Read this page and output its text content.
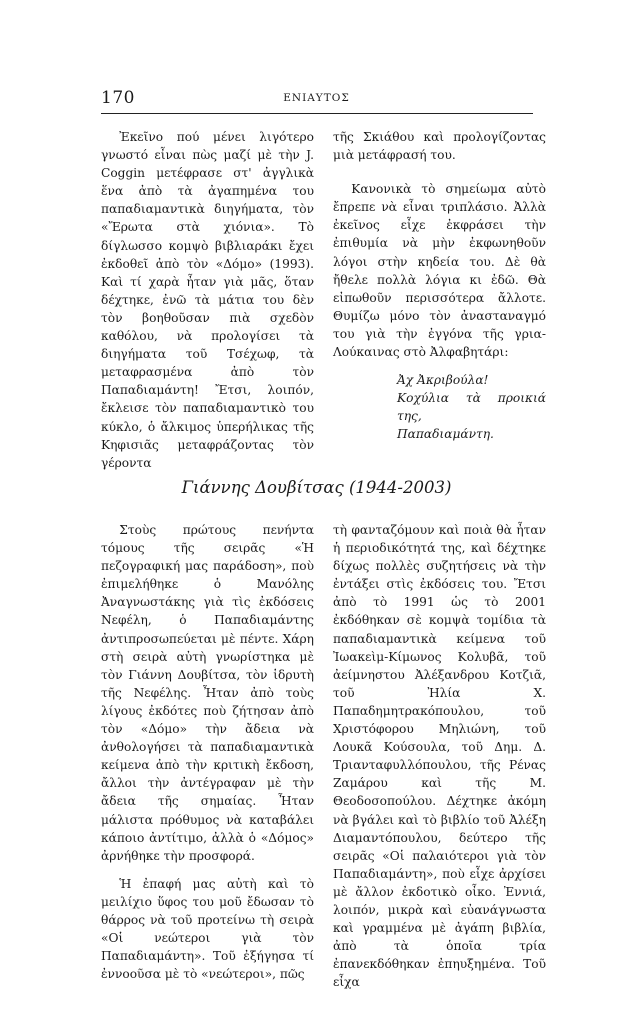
170	ΕΝΙΑΥΤΟΣ

Ἐκεῖνο πού μένει λιγότερο γνωστό εἶναι πὼς μαζί μὲ τὴν J. Coggin μετέφρασε στ' ἀγγλικὰ ἕνα ἀπὸ τὰ ἀγαπημένα του παπαδιαμαντικὰ διηγήματα, τὸν «Ἔρωτα στὰ χιόνια». Τὸ δίγλωσσο κομψὸ βιβλιαράκι ἔχει ἐκδοθεῖ ἀπὸ τὸν «Δόμο» (1993). Καὶ τί χαρὰ ἦταν γιὰ μᾶς, ὅταν δέχτηκε, ἐνῶ τὰ μάτια του δὲν τὸν βοηθοῦσαν πιὰ σχεδὸν καθόλου, νὰ προλογίσει τὰ διηγήματα τοῦ Τσέχωφ, τὰ μεταφρασμένα ἀπὸ τὸν Παπαδιαμάντη! Ἔτσι, λοιπόν, ἔκλεισε τὸν παπαδιαμαντικὸ του κύκλο, ὁ ἄλκιμος ὑπερήλικας τῆς Κηφισιᾶς μεταφράζοντας τὸν γέροντα

τῆς Σκιάθου καὶ προλογίζοντας μιὰ μετάφρασή του.

Κανονικὰ τὸ σημείωμα αὐτὸ ἔπρεπε νὰ εἶναι τριπλάσιο. Ἀλλὰ ἐκεῖνος εἶχε ἐκφράσει τὴν ἐπιθυμία νὰ μὴν ἐκφωνηθοῦν λόγοι στὴν κηδεία του. Δὲ θὰ ἤθελε πολλὰ λόγια κι ἐδῶ. Θὰ εἰπωθοῦν περισσότερα ἄλλοτε. Θυμίζω μόνο τὸν ἀνασταναγμό του γιὰ τὴν ἐγγόνα τῆς γρια-Λούκαινας στὸ Ἀλφαβητάρι:

Ἀχ Ἀκριβούλα!
Κοχύλια τὰ προικιά της,
Παπαδιαμάντη.
Γιάννης Δουβίτσας (1944-2003)

Στοὺς πρώτους πενήντα τόμους τῆς σειρᾶς «Ἡ πεζογραφική μας παράδοση», ποὺ ἐπιμελήθηκε ὁ Μανόλης Ἀναγνωστάκης γιὰ τὶς ἐκδόσεις Νεφέλη, ὁ Παπαδιαμάντης ἀντιπροσωπεύεται μὲ πέντε. Χάρη στὴ σειρὰ αὐτὴ γνωρίστηκα μὲ τὸν Γιάννη Δουβίτσα, τὸν ἱδρυτὴ τῆς Νεφέλης. Ἦταν ἀπὸ τοὺς λίγους ἐκδότες ποὺ ζήτησαν ἀπὸ τὸν «Δόμο» τὴν ἄδεια νὰ ἀνθολογήσει τὰ παπαδιαμαντικὰ κείμενα ἀπὸ τὴν κριτικὴ ἔκδοση, ἄλλοι τὴν ἀντέγραφαν μὲ τὴν ἄδεια τῆς σημαίας. Ἦταν μάλιστα πρόθυμος νὰ καταβάλει κάποιο ἀντίτιμο, ἀλλὰ ὁ «Δόμος» ἀρνήθηκε τὴν προσφορά.

Ἡ ἐπαφή μας αὐτὴ καὶ τὸ μειλίχιο ὕφος του μοῦ ἔδωσαν τὸ θάρρος νὰ τοῦ προτείνω τὴ σειρὰ «Οἱ νεώτεροι γιὰ τὸν Παπαδιαμάντη». Τοῦ ἐξήγησα τί ἐννοοῦσα μὲ τὸ «νεώτεροι», πῶς

τὴ φανταζόμουν καὶ ποιὰ θὰ ἦταν ἡ περιοδικότητά της, καὶ δέχτηκε δίχως πολλὲς συζητήσεις νὰ τὴν ἐντάξει στὶς ἐκδόσεις του. Ἔτσι ἀπὸ τὸ 1991 ὡς τὸ 2001 ἐκδόθηκαν σὲ κομψὰ τομίδια τὰ παπαδιαμαντικὰ κείμενα τοῦ Ἰωακεὶμ-Κίμωνος Κολυβᾶ, τοῦ ἀείμνηστου Ἀλέξανδρου Κοτζιᾶ, τοῦ Ἠλία Χ. Παπαδημητρακόπουλου, τοῦ Χριστόφορου Μηλιώνη, τοῦ Λουκᾶ Κούσουλα, τοῦ Δημ. Δ. Τριανταφυλλόπουλου, τῆς Ρένας Ζαμάρου καὶ τῆς Μ. Θεοδοσοπούλου. Δέχτηκε ἀκόμη νὰ βγάλει καὶ τὸ βιβλίο τοῦ Ἀλέξη Διαμαντόπουλου, δεύτερο τῆς σειρᾶς «Οἱ παλαιότεροι γιὰ τὸν Παπαδιαμάντη», ποὺ εἶχε ἀρχίσει μὲ ἄλλον ἐκδοτικὸ οἶκο. Ἐννιά, λοιπόν, μικρὰ καὶ εὐανάγνωστα καὶ γραμμένα μὲ ἀγάπη βιβλία, ἀπὸ τὰ ὁποῖα τρία ἐπανεκδόθηκαν ἐπηυξημένα. Τοῦ εἶχα
